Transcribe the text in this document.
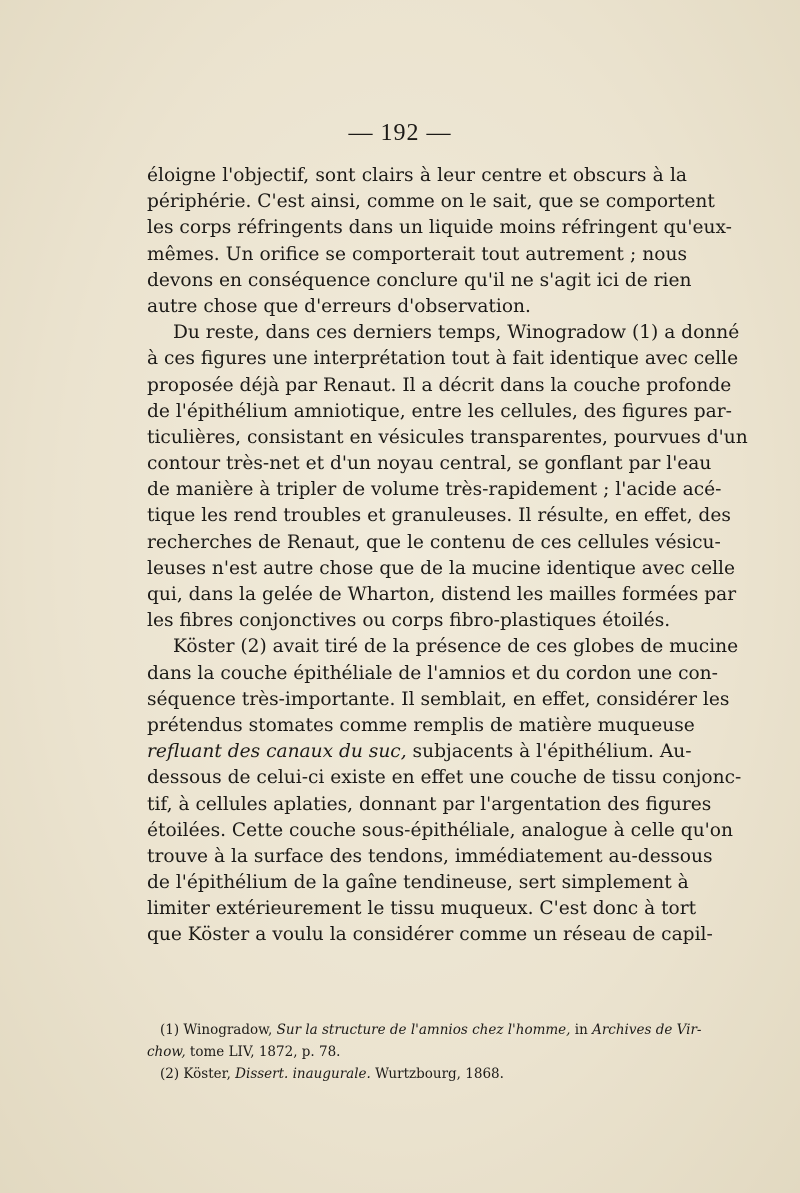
— 192 —
éloigne l'objectif, sont clairs à leur centre et obscurs à la
périphérie. C'est ainsi, comme on le sait, que se comportent
les corps réfringents dans un liquide moins réfringent qu'eux-
mêmes. Un orifice se comporterait tout autrement ; nous
devons en conséquence conclure qu'il ne s'agit ici de rien
autre chose que d'erreurs d'observation.
Du reste, dans ces derniers temps, Winogradow (1) a donné
à ces figures une interprétation tout à fait identique avec celle
proposée déjà par Renaut. Il a décrit dans la couche profonde
de l'épithélium amniotique, entre les cellules, des figures par-
ticulières, consistant en vésicules transparentes, pourvues d'un
contour très-net et d'un noyau central, se gonflant par l'eau
de manière à tripler de volume très-rapidement ; l'acide acé-
tique les rend troubles et granuleuses. Il résulte, en effet, des
recherches de Renaut, que le contenu de ces cellules vésicu-
leuses n'est autre chose que de la mucine identique avec celle
qui, dans la gelée de Wharton, distend les mailles formées par
les fibres conjonctives ou corps fibro-plastiques étoilés.
Köster (2) avait tiré de la présence de ces globes de mucine
dans la couche épithéliale de l'amnios et du cordon une con-
séquence très-importante. Il semblait, en effet, considérer les
prétendus stomates comme remplis de matière muqueuse
refluant des canaux du suc, subjacents à l'épithélium. Au-
dessous de celui-ci existe en effet une couche de tissu conjonc-
tif, à cellules aplaties, donnant par l'argentation des figures
étoilées. Cette couche sous-épithéliale, analogue à celle qu'on
trouve à la surface des tendons, immédiatement au-dessous
de l'épithélium de la gaîne tendineuse, sert simplement à
limiter extérieurement le tissu muqueux. C'est donc à tort
que Köster a voulu la considérer comme un réseau de capil-
(1) Winogradow, Sur la structure de l'amnios chez l'homme, in Archives de Vir-
chow, tome LIV, 1872, p. 78.
(2) Köster, Dissert. inaugurale. Wurtzbourg, 1868.
